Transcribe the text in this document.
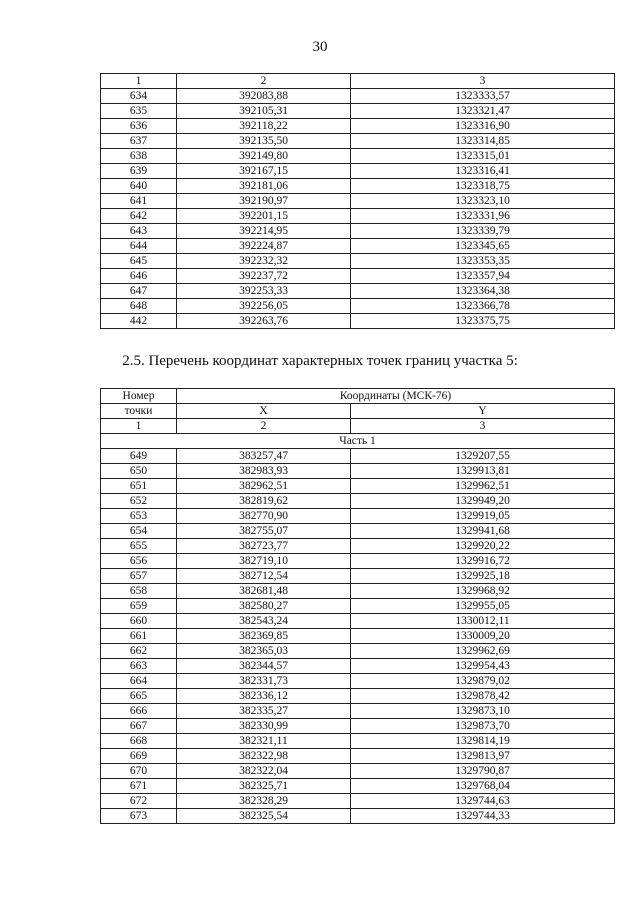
30
1	2	3
634	392083,88	1323333,57
635	392105,31	1323321,47
636	392118,22	1323316,90
637	392135,50	1323314,85
638	392149,80	1323315,01
639	392167,15	1323316,41
640	392181,06	1323318,75
641	392190,97	1323323,10
642	392201,15	1323331,96
643	392214,95	1323339,79
644	392224,87	1323345,65
645	392232,32	1323353,35
646	392237,72	1323357,94
647	392253,33	1323364,38
648	392256,05	1323366,78
442	392263,76	1323375,75
2.5. Перечень координат характерных точек границ участка 5:
Номер	Координаты (МСК-76)	
точки	X	Y
1	2	3
Часть 1		
649	383257,47	1329207,55
650	382983,93	1329913,81
651	382962,51	1329962,51
652	382819,62	1329949,20
653	382770,90	1329919,05
654	382755,07	1329941,68
655	382723,77	1329920,22
656	382719,10	1329916,72
657	382712,54	1329925,18
658	382681,48	1329968,92
659	382580,27	1329955,05
660	382543,24	1330012,11
661	382369,85	1330009,20
662	382365,03	1329962,69
663	382344,57	1329954,43
664	382331,73	1329879,02
665	382336,12	1329878,42
666	382335,27	1329873,10
667	382330,99	1329873,70
668	382321,11	1329814,19
669	382322,98	1329813,97
670	382322,04	1329790,87
671	382325,71	1329768,04
672	382328,29	1329744,63
673	382325,54	1329744,33
